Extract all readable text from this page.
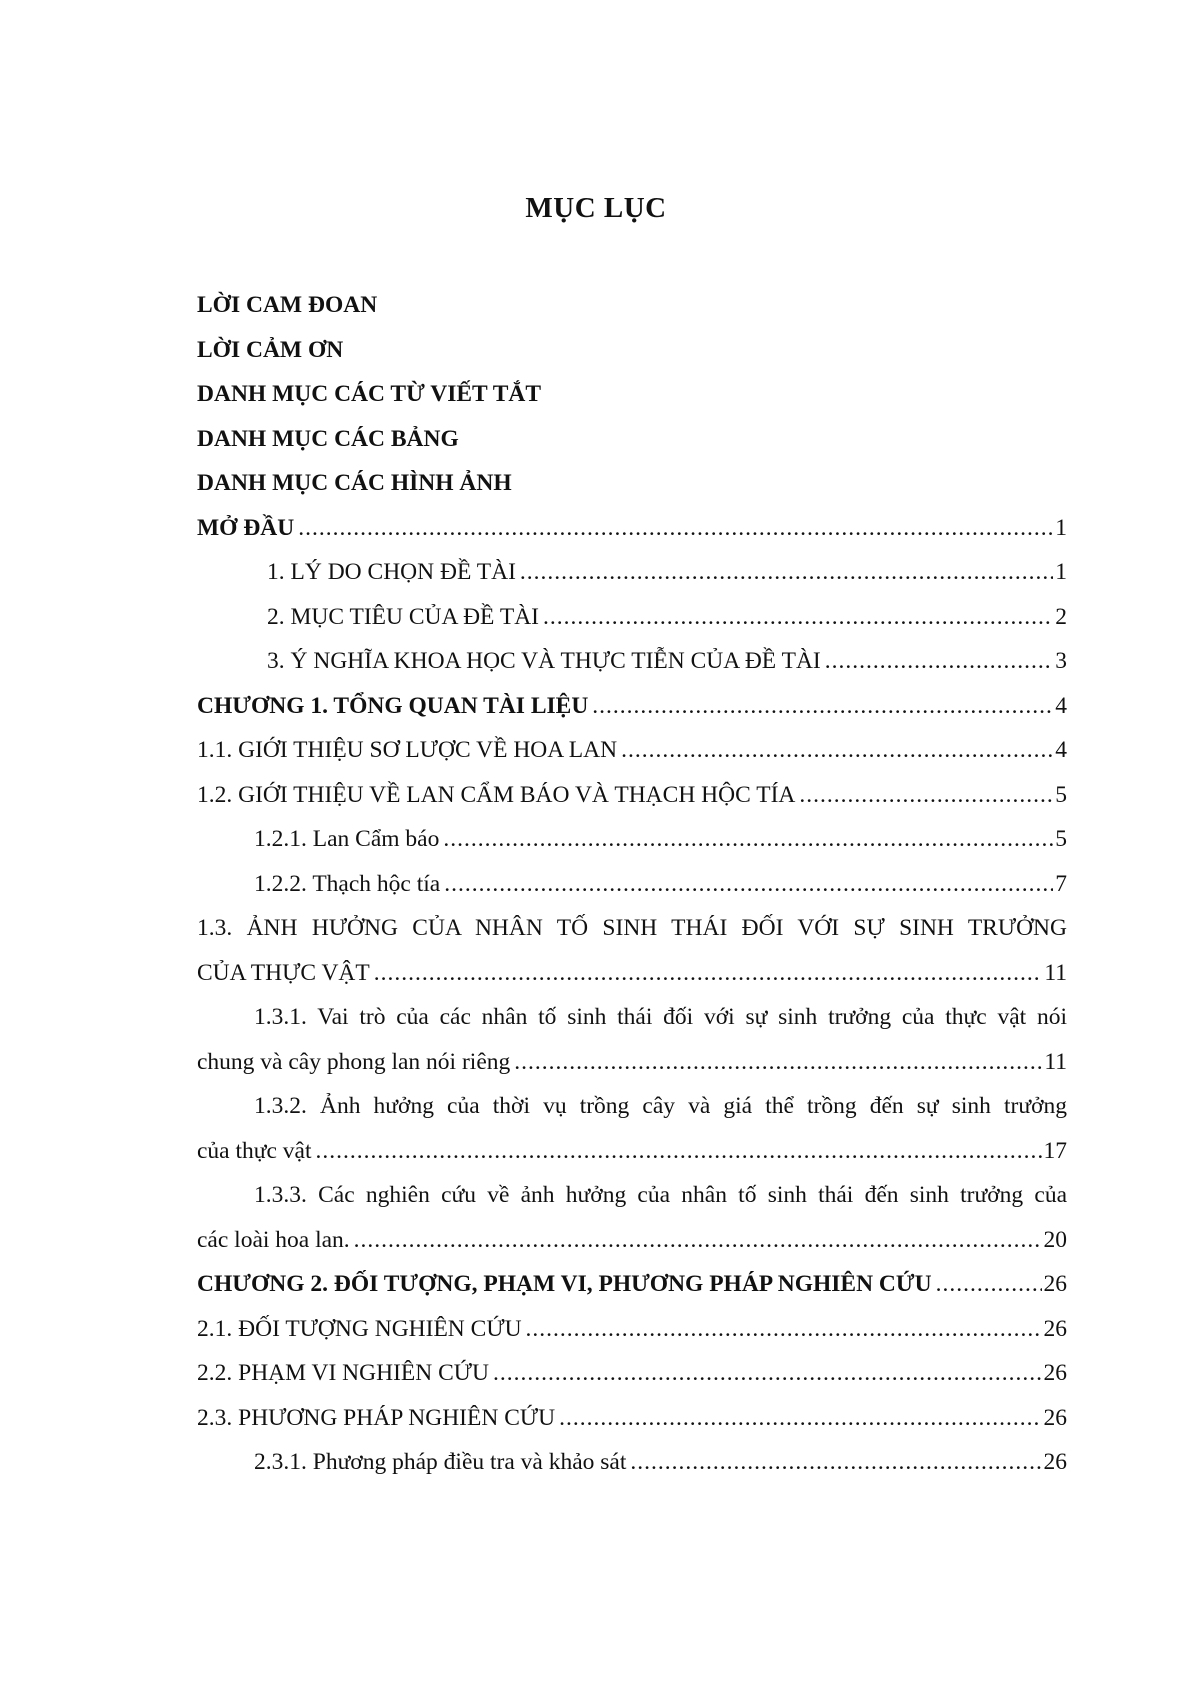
MỤC LỤC
LỜI CAM ĐOAN
LỜI CẢM ƠN
DANH MỤC CÁC TỪ VIẾT TẮT
DANH MỤC CÁC BẢNG
DANH MỤC CÁC HÌNH ẢNH
MỞ ĐẦU .....	1
1. LÝ DO CHỌN ĐỀ TÀI .....	1
2. MỤC TIÊU CỦA ĐỀ TÀI .....	2
3. Ý NGHĨA KHOA HỌC VÀ THỰC TIỄN CỦA ĐỀ TÀI .....	3
CHƯƠNG 1. TỔNG QUAN TÀI LIỆU .....	4
1.1. GIỚI THIỆU SƠ LƯỢC VỀ HOA LAN .....	4
1.2. GIỚI THIỆU VỀ LAN CẨM BÁO VÀ THẠCH HỘC TÍA .....	5
1.2.1. Lan Cẩm báo .....	5
1.2.2. Thạch hộc tía .....	7
1.3. ẢNH HƯỞNG CỦA NHÂN TỐ SINH THÁI ĐỐI VỚI SỰ SINH TRƯỞNG
CỦA THỰC VẬT .....	11
1.3.1. Vai trò của các nhân tố sinh thái đối với sự sinh trưởng của thực vật nói
chung và cây phong lan nói riêng .....	11
1.3.2. Ảnh hưởng của thời vụ trồng cây và giá thể trồng đến sự sinh trưởng
của thực vật .....	17
1.3.3. Các nghiên cứu về ảnh hưởng của nhân tố sinh thái đến sinh trưởng của
các loài hoa lan. .....	20
CHƯƠNG 2. ĐỐI TƯỢNG, PHẠM VI, PHƯƠNG PHÁP NGHIÊN CỨU .....	26
2.1. ĐỐI TƯỢNG NGHIÊN CỨU .....	26
2.2. PHẠM VI NGHIÊN CỨU .....	26
2.3. PHƯƠNG PHÁP NGHIÊN CỨU .....	26
2.3.1. Phương pháp điều tra và khảo sát .....	26
